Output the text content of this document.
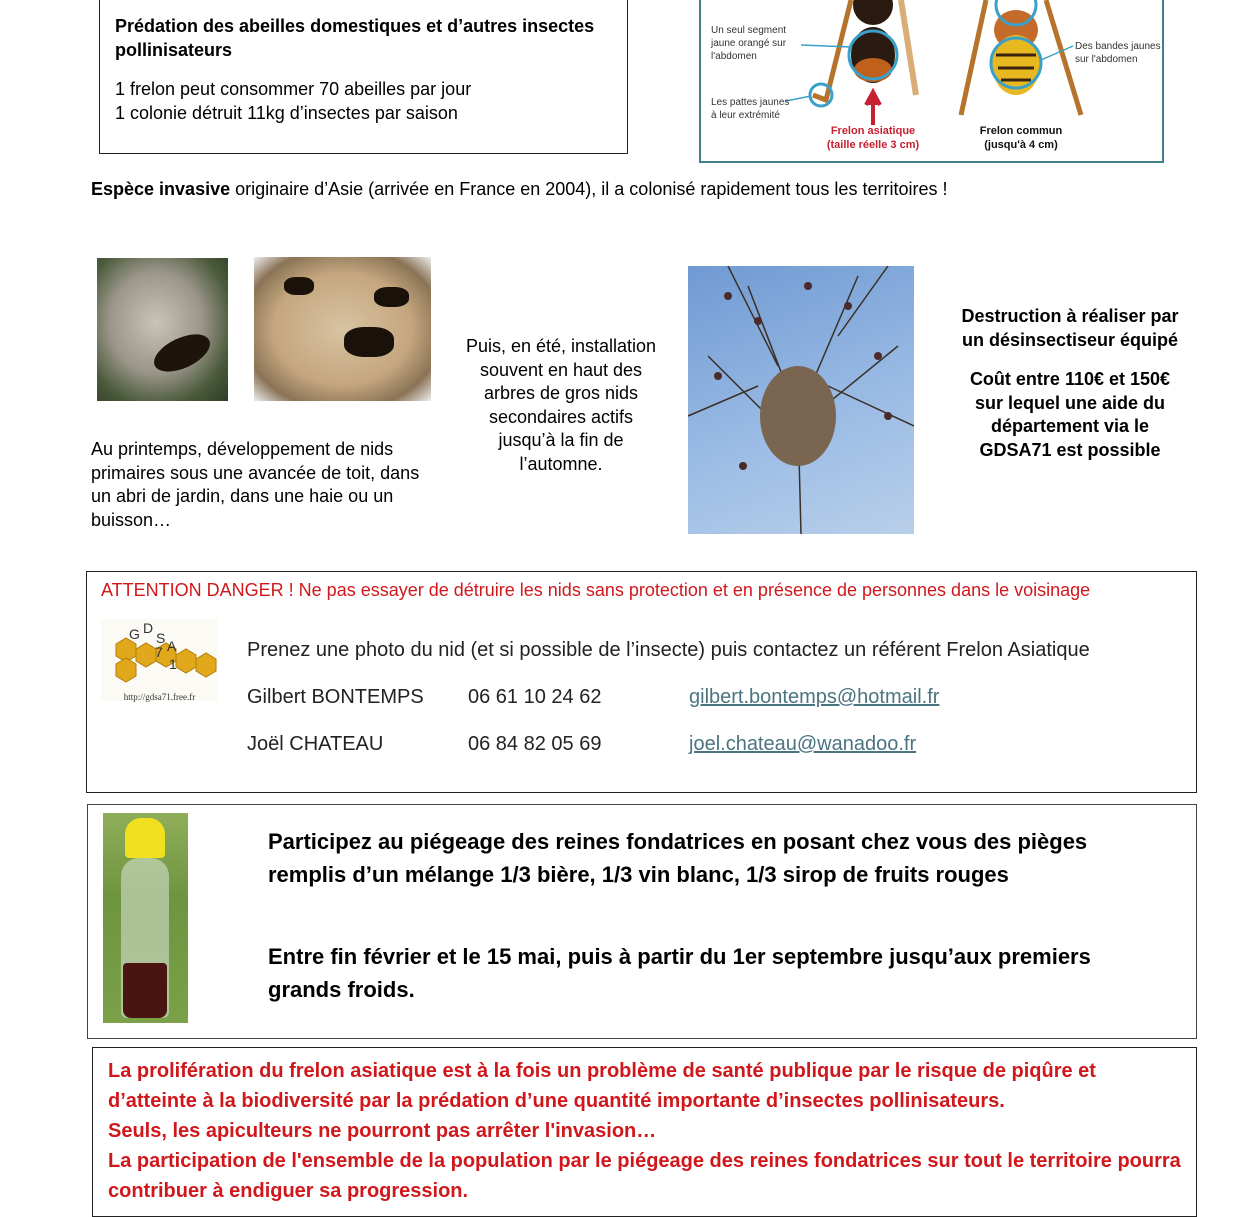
Prédation des abeilles domestiques et d’autres insectes pollinisateurs
1 frelon peut consommer 70 abeilles par jour
1 colonie détruit 11kg d’insectes par saison
Un seul segment jaune orangé sur l'abdomen
Les pattes jaunes à leur extrémité
Des bandes jaunes sur l'abdomen
Frelon asiatique
(taille réelle 3 cm)
Frelon commun
(jusqu'à 4 cm)
Espèce invasive originaire d’Asie (arrivée en France en 2004), il a colonisé rapidement tous les territoires !
Au printemps, développement de nids primaires sous une avancée de toit, dans un abri de jardin, dans une haie ou un buisson…
Puis, en été, installation souvent en haut des arbres de gros nids secondaires actifs jusqu’à la fin de l’automne.
Destruction à réaliser par un désinsectiseur équipé
Coût entre 110€ et 150€ sur lequel une aide du département via le GDSA71 est possible
ATTENTION DANGER ! Ne pas essayer de détruire les nids sans protection et en présence de personnes dans le voisinage
G D
S A
7
1
http://gdsa71.free.fr
Prenez une photo du nid (et si possible de l’insecte) puis contactez un référent Frelon Asiatique
Gilbert BONTEMPS 06 61 10 24 62	gilbert.bontemps@hotmail.fr
Joël CHATEAU	06 84 82 05 69	joel.chateau@wanadoo.fr
Participez au piégeage des reines fondatrices en posant chez vous des pièges remplis d’un mélange 1/3 bière, 1/3 vin blanc, 1/3 sirop de fruits rouges
Entre fin février et le 15 mai, puis à partir du 1er septembre jusqu’aux premiers grands froids.
La prolifération du frelon asiatique est à la fois un problème de santé publique par le risque de piqûre et d’atteinte à la biodiversité par la prédation d’une quantité importante d’insectes pollinisateurs.
Seuls, les apiculteurs ne pourront pas arrêter l'invasion…
La participation de l'ensemble de la population par le piégeage des reines fondatrices sur tout le territoire pourra contribuer à endiguer sa progression.
